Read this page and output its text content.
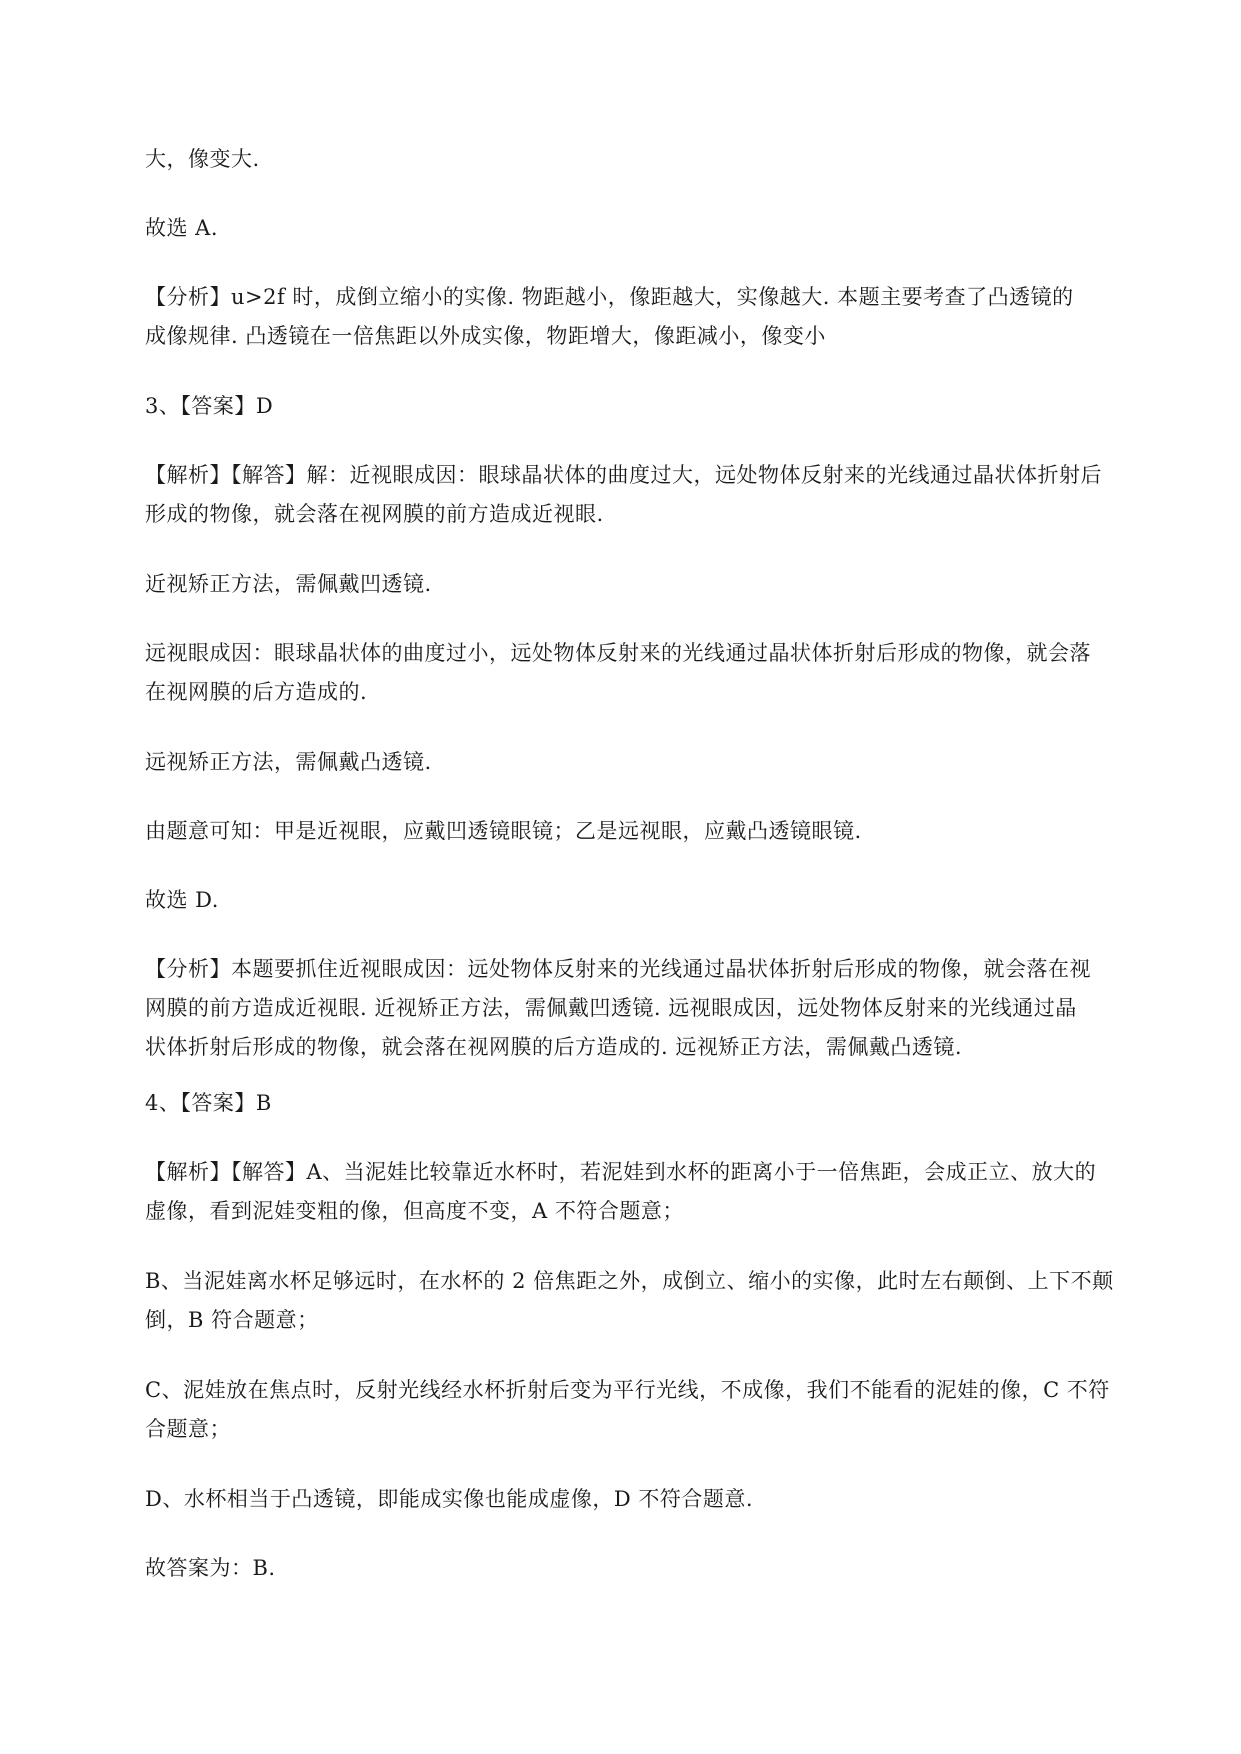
大，像变大.

故选 A.

【分析】u>2f 时，成倒立缩小的实像. 物距越小，像距越大，实像越大. 本题主要考查了凸透镜的
成像规律. 凸透镜在一倍焦距以外成实像，物距增大，像距减小，像变小

3、【答案】D

【解析】【解答】解：近视眼成因：眼球晶状体的曲度过大，远处物体反射来的光线通过晶状体折射后
形成的物像，就会落在视网膜的前方造成近视眼.

近视矫正方法，需佩戴凹透镜.

远视眼成因：眼球晶状体的曲度过小，远处物体反射来的光线通过晶状体折射后形成的物像，就会落
在视网膜的后方造成的.

远视矫正方法，需佩戴凸透镜.

由题意可知：甲是近视眼，应戴凹透镜眼镜；乙是远视眼，应戴凸透镜眼镜.

故选 D.

【分析】本题要抓住近视眼成因：远处物体反射来的光线通过晶状体折射后形成的物像，就会落在视
网膜的前方造成近视眼. 近视矫正方法，需佩戴凹透镜. 远视眼成因，远处物体反射来的光线通过晶
状体折射后形成的物像，就会落在视网膜的后方造成的. 远视矫正方法，需佩戴凸透镜.

4、【答案】B

【解析】【解答】A、当泥娃比较靠近水杯时，若泥娃到水杯的距离小于一倍焦距，会成正立、放大的
虚像，看到泥娃变粗的像，但高度不变，A 不符合题意；

B、当泥娃离水杯足够远时，在水杯的 2 倍焦距之外，成倒立、缩小的实像，此时左右颠倒、上下不颠
倒，B 符合题意；

C、泥娃放在焦点时，反射光线经水杯折射后变为平行光线，不成像，我们不能看的泥娃的像，C 不符
合题意；

D、水杯相当于凸透镜，即能成实像也能成虚像，D 不符合题意.

故答案为：B.
